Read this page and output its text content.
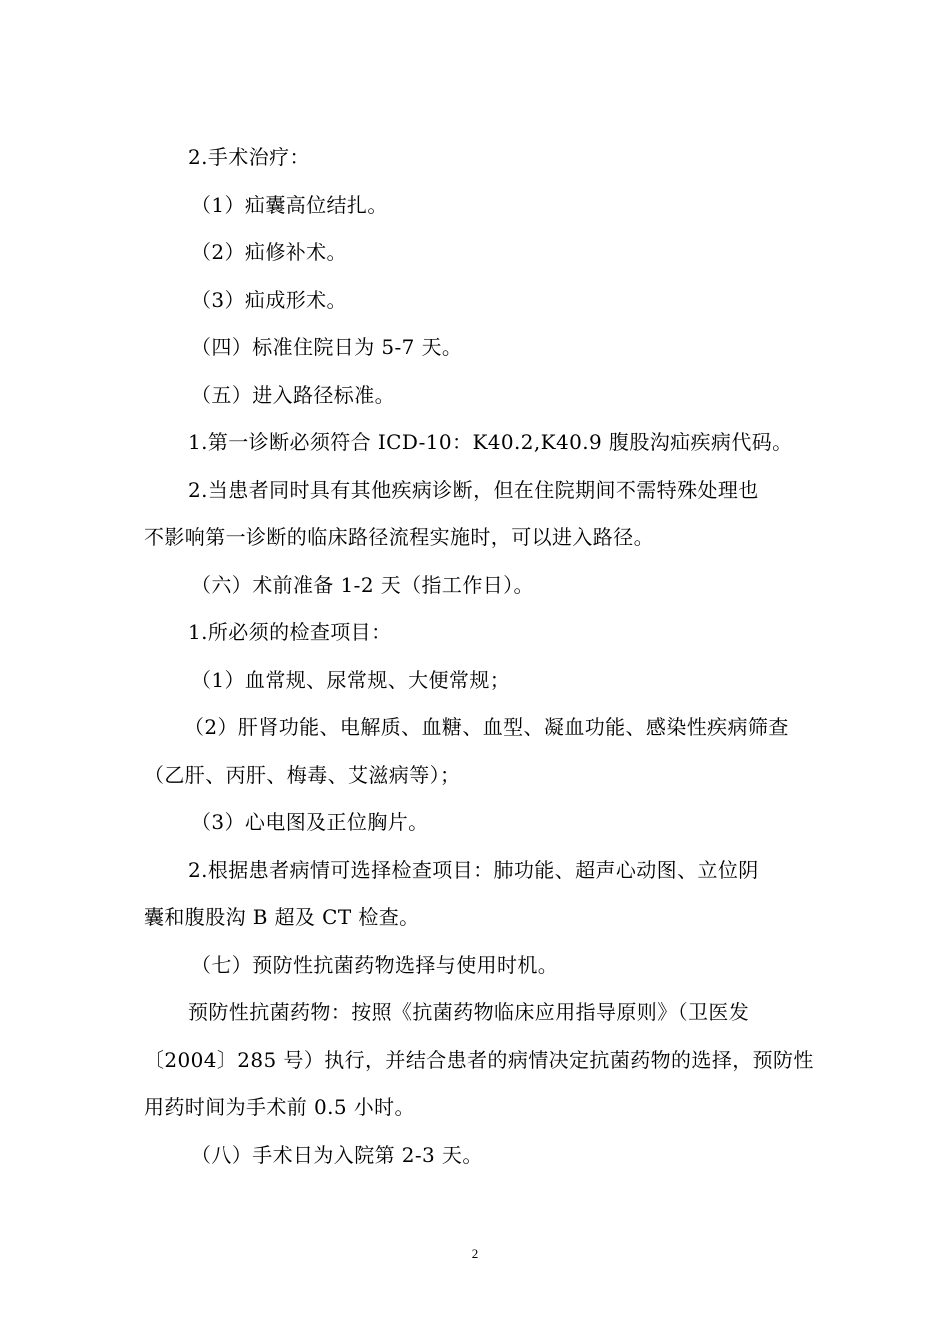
2.手术治疗：
（1）疝囊高位结扎。
（2）疝修补术。
（3）疝成形术。
（四）标准住院日为 5-7 天。
（五）进入路径标准。
1.第一诊断必须符合 ICD-10：K40.2,K40.9 腹股沟疝疾病代码。
2.当患者同时具有其他疾病诊断，但在住院期间不需特殊处理也
不影响第一诊断的临床路径流程实施时，可以进入路径。
（六）术前准备 1-2 天（指工作日）。
1.所必须的检查项目：
（1）血常规、尿常规、大便常规；
（2）肝肾功能、电解质、血糖、血型、凝血功能、感染性疾病筛查
（乙肝、丙肝、梅毒、艾滋病等）；
（3）心电图及正位胸片。
2.根据患者病情可选择检查项目：肺功能、超声心动图、立位阴
囊和腹股沟 B 超及 CT 检查。
（七）预防性抗菌药物选择与使用时机。
预防性抗菌药物：按照《抗菌药物临床应用指导原则》（卫医发
〔2004〕285 号）执行，并结合患者的病情决定抗菌药物的选择，预防性
用药时间为手术前 0.5 小时。
（八）手术日为入院第 2-3 天。
2
